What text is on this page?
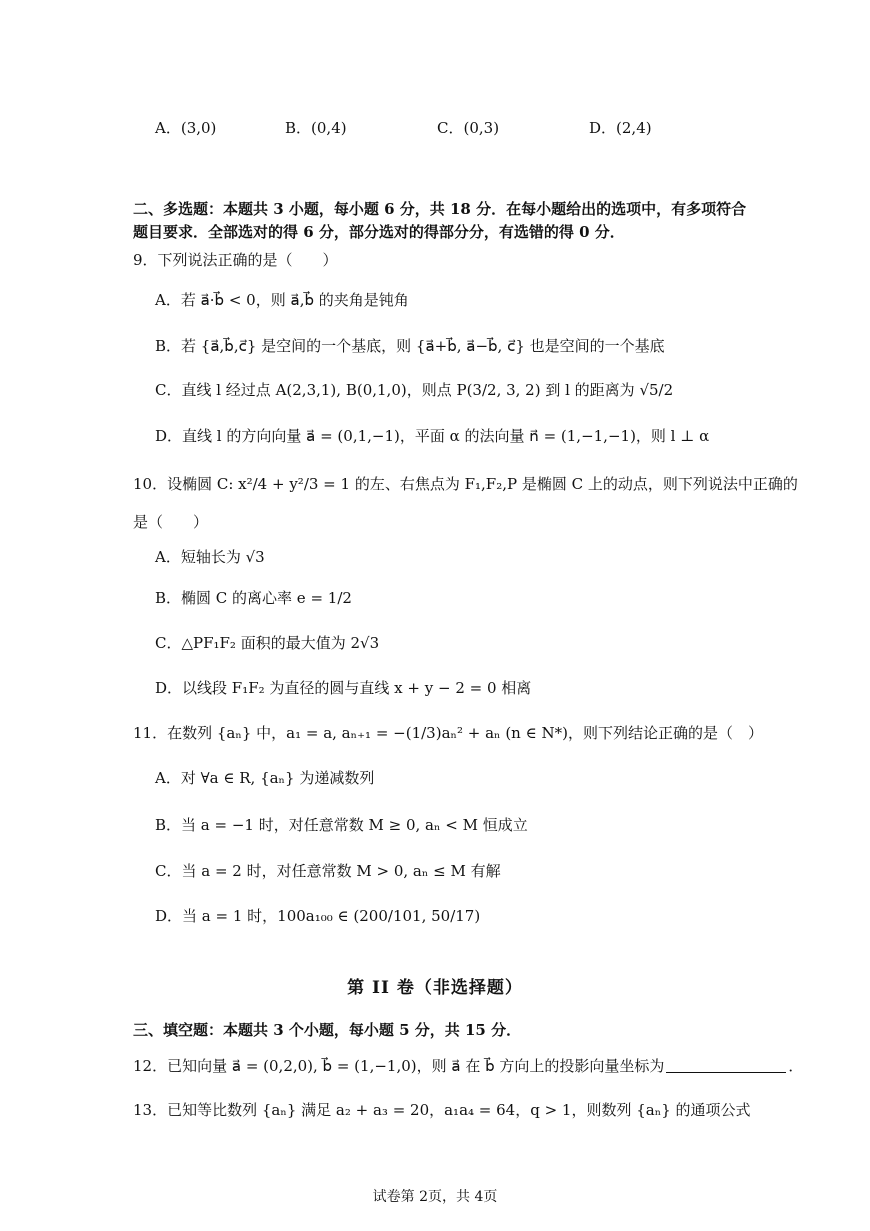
A．(3,0)	B．(0,4)	C．(0,3)	D．(2,4)
二、多选题：本题共 3 小题，每小题 6 分，共 18 分．在每小题给出的选项中，有多项符合
题目要求．全部选对的得 6 分，部分选对的得部分分，有选错的得 0 分．
9．下列说法正确的是（　　）
A．若 a⃗·b⃗ < 0，则 a⃗,b⃗ 的夹角是钝角
B．若 {a⃗,b⃗,c⃗} 是空间的一个基底，则 {a⃗+b⃗, a⃗−b⃗, c⃗} 也是空间的一个基底
C．直线 l 经过点 A(2,3,1), B(0,1,0)，则点 P(3/2, 3, 2) 到 l 的距离为 √5/2
D．直线 l 的方向向量 a⃗ = (0,1,−1)，平面 α 的法向量 n⃗ = (1,−1,−1)，则 l ⊥ α
10．设椭圆 C: x²/4 + y²/3 = 1 的左、右焦点为 F₁,F₂,P 是椭圆 C 上的动点，则下列说法中正确的
是（　　）
A．短轴长为 √3
B．椭圆 C 的离心率 e = 1/2
C．△PF₁F₂ 面积的最大值为 2√3
D．以线段 F₁F₂ 为直径的圆与直线 x + y − 2 = 0 相离
11．在数列 {aₙ} 中，a₁ = a, aₙ₊₁ = −(1/3)aₙ² + aₙ (n ∈ N*)，则下列结论正确的是（　）
A．对 ∀a ∈ R, {aₙ} 为递减数列
B．当 a = −1 时，对任意常数 M ≥ 0, aₙ < M 恒成立
C．当 a = 2 时，对任意常数 M > 0, aₙ ≤ M 有解
D．当 a = 1 时，100a₁₀₀ ∈ (200/101, 50/17)
第 II 卷（非选择题）
三、填空题：本题共 3 个小题，每小题 5 分，共 15 分．
12．已知向量 a⃗ = (0,2,0), b⃗ = (1,−1,0)，则 a⃗ 在 b⃗ 方向上的投影向量坐标为	．
13．已知等比数列 {aₙ} 满足 a₂ + a₃ = 20，a₁a₄ = 64，q > 1，则数列 {aₙ} 的通项公式
试卷第 2页，共 4页
